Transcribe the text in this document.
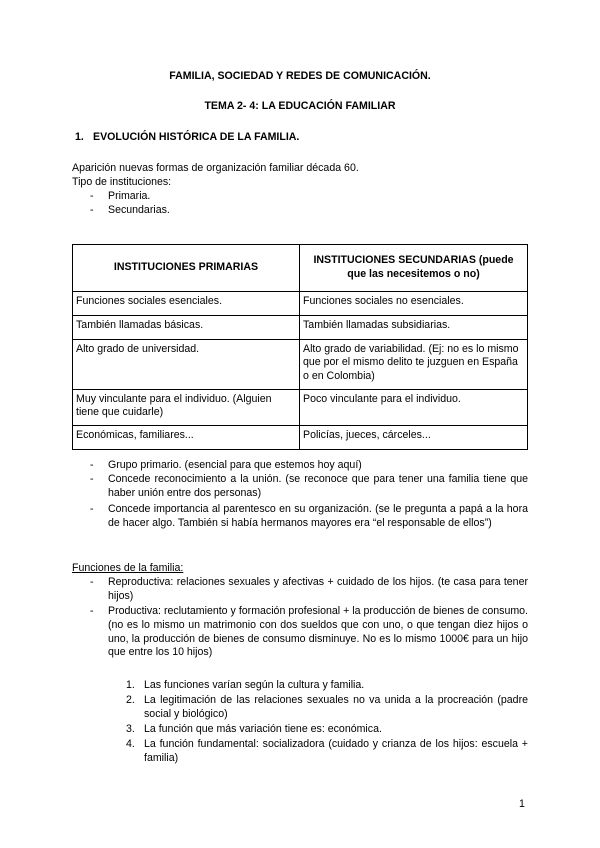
FAMILIA, SOCIEDAD Y REDES DE COMUNICACIÓN.
TEMA 2- 4: LA EDUCACIÓN FAMILIAR
1. EVOLUCIÓN HISTÓRICA DE LA FAMILIA.
Aparición nuevas formas de organización familiar década 60.
Tipo de instituciones:
- Primaria.
- Secundarias.
INSTITUCIONES PRIMARIAS	INSTITUCIONES SECUNDARIAS (puede que las necesitemos o no)
Funciones sociales esenciales.	Funciones sociales no esenciales.
También llamadas básicas.	También llamadas subsidiarias.
Alto grado de universidad.	Alto grado de variabilidad. (Ej: no es lo mismo que por el mismo delito te juzguen en España o en Colombia)
Muy vinculante para el individuo. (Alguien tiene que cuidarle)	Poco vinculante para el individuo.
Económicas, familiares...	Policías, jueces, cárceles...
- Grupo primario. (esencial para que estemos hoy aquí)
- Concede reconocimiento a la unión. (se reconoce que para tener una familia tiene que haber unión entre dos personas)
- Concede importancia al parentesco en su organización. (se le pregunta a papá a la hora de hacer algo. También si había hermanos mayores era “el responsable de ellos”)
Funciones de la familia:
- Reproductiva: relaciones sexuales y afectivas + cuidado de los hijos. (te casa para tener hijos)
- Productiva: reclutamiento y formación profesional + la producción de bienes de consumo. (no es lo mismo un matrimonio con dos sueldos que con uno, o que tengan diez hijos o uno, la producción de bienes de consumo disminuye. No es lo mismo 1000€ para un hijo que entre los 10 hijos)
1. Las funciones varían según la cultura y familia.
2. La legitimación de las relaciones sexuales no va unida a la procreación (padre social y biológico)
3. La función que más variación tiene es: económica.
4. La función fundamental: socializadora (cuidado y crianza de los hijos: escuela + familia)
1
